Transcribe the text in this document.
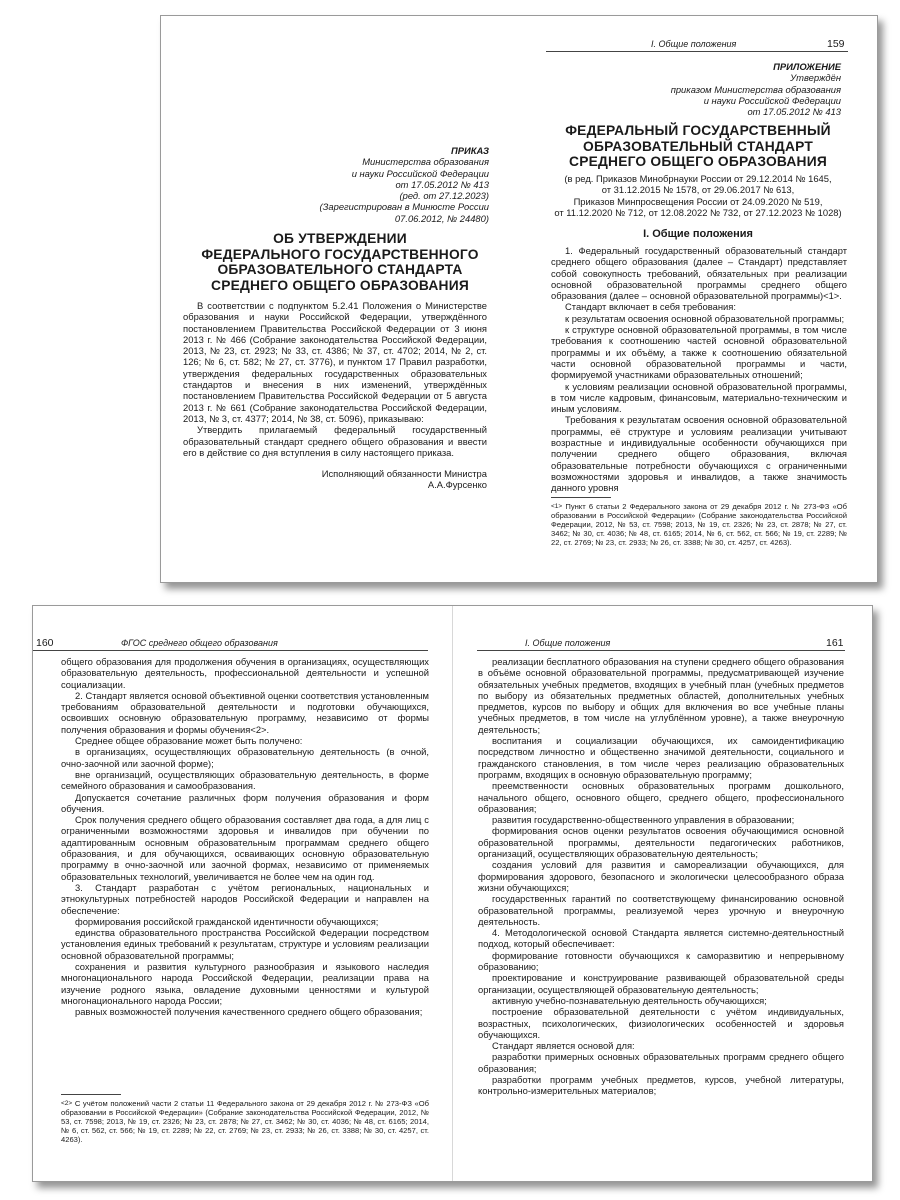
I. Общие положения	159
ПРИКАЗ
Министерства образования
и науки Российской Федерации
от 17.05.2012 № 413
(ред. от 27.12.2023)
(Зарегистрирован в Минюсте России
07.06.2012, № 24480)
ОБ УТВЕРЖДЕНИИ
ФЕДЕРАЛЬНОГО ГОСУДАРСТВЕННОГО
ОБРАЗОВАТЕЛЬНОГО СТАНДАРТА
СРЕДНЕГО ОБЩЕГО ОБРАЗОВАНИЯ

В соответствии с подпунктом 5.2.41 Положения о Министерстве образования и науки Российской Федерации, утверждённого постановлением Правительства Российской Федерации от 3 июня 2013 г. № 466 (Собрание законодательства Российской Федерации, 2013, № 23, ст. 2923; № 33, ст. 4386; № 37, ст. 4702; 2014, № 2, ст. 126; № 6, ст. 582; № 27, ст. 3776), и пунктом 17 Правил разработки, утверждения федеральных государственных образовательных стандартов и внесения в них изменений, утверждённых постановлением Правительства Российской Федерации от 5 августа 2013 г. № 661 (Собрание законодательства Российской Федерации, 2013, № 3, ст. 4377; 2014, № 38, ст. 5096), приказываю:

Утвердить прилагаемый федеральный государственный образовательный стандарт среднего общего образования и ввести его в действие со дня вступления в силу настоящего приказа.

Исполняющий обязанности Министра
А.А.Фурсенко
ПРИЛОЖЕНИЕ
Утверждён
приказом Министерства образования
и науки Российской Федерации
от 17.05.2012 № 413
ФЕДЕРАЛЬНЫЙ ГОСУДАРСТВЕННЫЙ
ОБРАЗОВАТЕЛЬНЫЙ СТАНДАРТ
СРЕДНЕГО ОБЩЕГО ОБРАЗОВАНИЯ
(в ред. Приказов Минобрнауки России от 29.12.2014 № 1645,
от 31.12.2015 № 1578, от 29.06.2017 № 613,
Приказов Минпросвещения России от 24.09.2020 № 519,
от 11.12.2020 № 712, от 12.08.2022 № 732, от 27.12.2023 № 1028)
I. Общие положения

1. Федеральный государственный образовательный стандарт среднего общего образования (далее – Стандарт) представляет собой совокупность требований, обязательных при реализации основной образовательной программы среднего общего образования (далее – основной образовательной программы)<1>.

Стандарт включает в себя требования:

к результатам освоения основной образовательной программы;

к структуре основной образовательной программы, в том числе требования к соотношению частей основной образовательной программы и их объёму, а также к соотношению обязательной части основной образовательной программы и части, формируемой участниками образовательных отношений;

к условиям реализации основной образовательной программы, в том числе кадровым, финансовым, материально-техническим и иным условиям.

Требования к результатам освоения основной образовательной программы, её структуре и условиям реализации учитывают возрастные и индивидуальные особенности обучающихся при получении среднего общего образования, включая образовательные потребности обучающихся с ограниченными возможностями здоровья и инвалидов, а также значимость данного уровня

<1> Пункт 6 статьи 2 Федерального закона от 29 декабря 2012 г. № 273-ФЗ «Об образовании в Российской Федерации» (Собрание законодательства Российской Федерации, 2012, № 53, ст. 7598; 2013, № 19, ст. 2326; № 23, ст. 2878; № 27, ст. 3462; № 30, ст. 4036; № 48, ст. 6165; 2014, № 6, ст. 562, ст. 566; № 19, ст. 2289; № 22, ст. 2769; № 23, ст. 2933; № 26, ст. 3388; № 30, ст. 4257, ст. 4263).
160	ФГОС среднего общего образования

общего образования для продолжения обучения в организациях, осуществляющих образовательную деятельность, профессиональной деятельности и успешной социализации.

2. Стандарт является основой объективной оценки соответствия установленным требованиям образовательной деятельности и подготовки обучающихся, освоивших основную образовательную программу, независимо от формы получения образования и формы обучения<2>.

Среднее общее образование может быть получено:

в организациях, осуществляющих образовательную деятельность (в очной, очно-заочной или заочной форме);

вне организаций, осуществляющих образовательную деятельность, в форме семейного образования и самообразования.

Допускается сочетание различных форм получения образования и форм обучения.

Срок получения среднего общего образования составляет два года, а для лиц с ограниченными возможностями здоровья и инвалидов при обучении по адаптированным основным образовательным программам среднего общего образования, и для обучающихся, осваивающих основную образовательную программу в очно-заочной или заочной формах, независимо от применяемых образовательных технологий, увеличивается не более чем на один год.

3. Стандарт разработан с учётом региональных, национальных и этнокультурных потребностей народов Российской Федерации и направлен на обеспечение:

формирования российской гражданской идентичности обучающихся;

единства образовательного пространства Российской Федерации посредством установления единых требований к результатам, структуре и условиям реализации основной образовательной программы;

сохранения и развития культурного разнообразия и языкового наследия многонационального народа Российской Федерации, реализации права на изучение родного языка, овладение духовными ценностями и культурой многонационального народа России;

равных возможностей получения качественного среднего общего образования;

<2> С учётом положений части 2 статьи 11 Федерального закона от 29 декабря 2012 г. № 273-ФЗ «Об образовании в Российской Федерации» (Собрание законодательства Российской Федерации, 2012, № 53, ст. 7598; 2013, № 19, ст. 2326; № 23, ст. 2878; № 27, ст. 3462; № 30, ст. 4036; № 48, ст. 6165; 2014, № 6, ст. 562, ст. 566; № 19, ст. 2289; № 22, ст. 2769; № 23, ст. 2933; № 26, ст. 3388; № 30, ст. 4257, ст. 4263).
I. Общие положения	161

реализации бесплатного образования на ступени среднего общего образования в объёме основной образовательной программы, предусматривающей изучение обязательных учебных предметов, входящих в учебный план (учебных предметов по выбору из обязательных предметных областей, дополнительных учебных предметов, курсов по выбору и общих для включения во все учебные планы учебных предметов, в том числе на углублённом уровне), а также внеурочную деятельность;

воспитания и социализации обучающихся, их самоидентификацию посредством личностно и общественно значимой деятельности, социального и гражданского становления, в том числе через реализацию образовательных программ, входящих в основную образовательную программу;

преемственности основных образовательных программ дошкольного, начального общего, основного общего, среднего общего, профессионального образования;

развития государственно-общественного управления в образовании;

формирования основ оценки результатов освоения обучающимися основной образовательной программы, деятельности педагогических работников, организаций, осуществляющих образовательную деятельность;

создания условий для развития и самореализации обучающихся, для формирования здорового, безопасного и экологически целесообразного образа жизни обучающихся;

государственных гарантий по соответствующему финансированию основной образовательной программы, реализуемой через урочную и внеурочную деятельность.

4. Методологической основой Стандарта является системно-деятельностный подход, который обеспечивает:

формирование готовности обучающихся к саморазвитию и непрерывному образованию;

проектирование и конструирование развивающей образовательной среды организации, осуществляющей образовательную деятельность;

активную учебно-познавательную деятельность обучающихся;

построение образовательной деятельности с учётом индивидуальных, возрастных, психологических, физиологических особенностей и здоровья обучающихся.

Стандарт является основой для:

разработки примерных основных образовательных программ среднего общего образования;

разработки программ учебных предметов, курсов, учебной литературы, контрольно-измерительных материалов;
